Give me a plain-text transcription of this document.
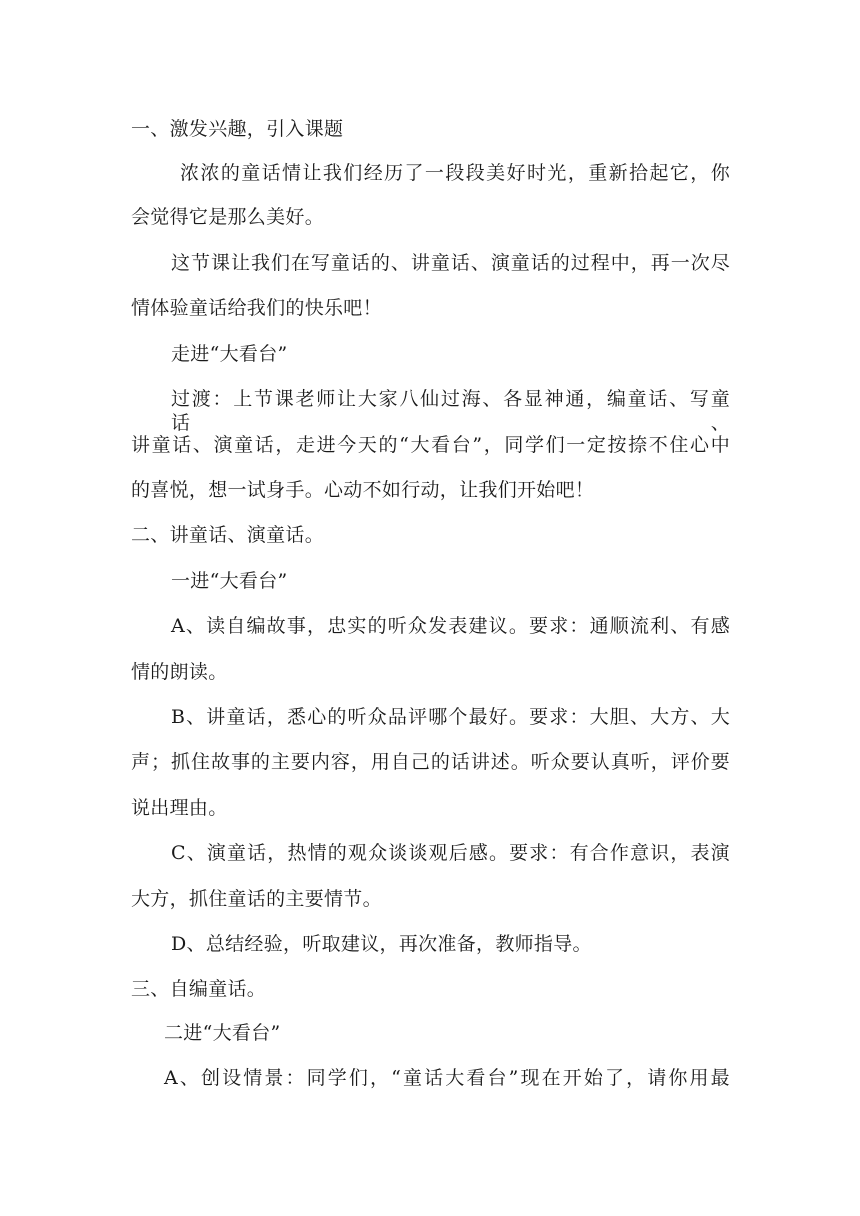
一、激发兴趣，引入课题
浓浓的童话情让我们经历了一段段美好时光，重新拾起它，你
会觉得它是那么美好。
这节课让我们在写童话的、讲童话、演童话的过程中，再一次尽
情体验童话给我们的快乐吧！
走进“大看台”
过渡：上节课老师让大家八仙过海、各显神通，编童话、写童话、
讲童话、演童话，走进今天的“大看台”，同学们一定按捺不住心中
的喜悦，想一试身手。心动不如行动，让我们开始吧！
二、讲童话、演童话。
一进“大看台”
A、读自编故事，忠实的听众发表建议。要求：通顺流利、有感
情的朗读。
B、讲童话，悉心的听众品评哪个最好。要求：大胆、大方、大
声；抓住故事的主要内容，用自己的话讲述。听众要认真听，评价要
说出理由。
C、演童话，热情的观众谈谈观后感。要求：有合作意识，表演
大方，抓住童话的主要情节。
D、总结经验，听取建议，再次准备，教师指导。
三、自编童话。
二进“大看台”
A、创设情景：同学们，“童话大看台”现在开始了，请你用最
